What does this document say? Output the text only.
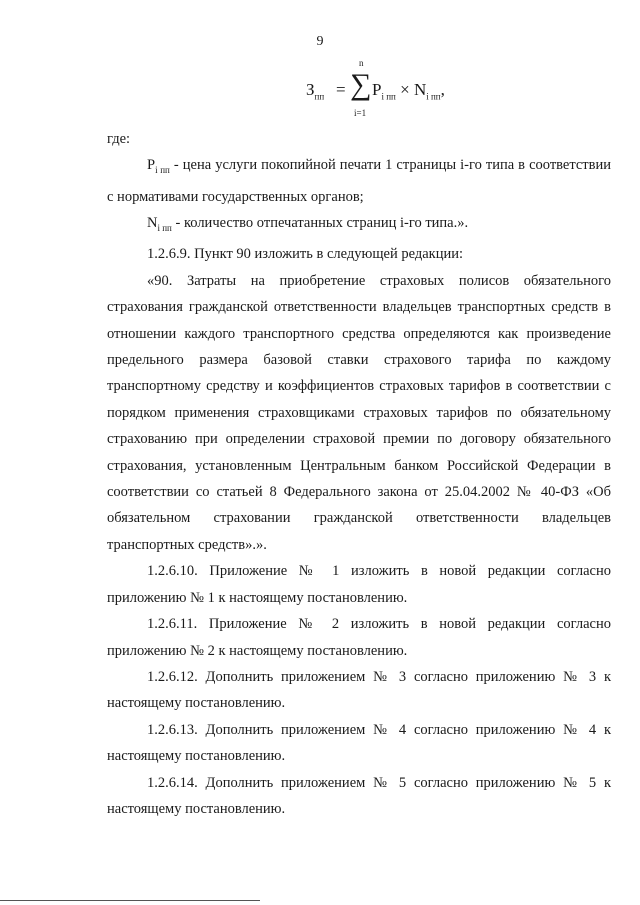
9
$З_{пп}$ =
n
∑
i=1
$P_{i пп} \times N_{i пп}$,

где:

$P_{i пп}$ - цена услуги покопийной печати 1 страницы i-го типа в соответствии с нормативами государственных органов;

$N_{i пп}$ - количество отпечатанных страниц i-го типа.».

1.2.6.9. Пункт 90 изложить в следующей редакции:

«90. Затраты на приобретение страховых полисов обязательного страхования гражданской ответственности владельцев транспортных средств в отношении каждого транспортного средства определяются как произведение предельного размера базовой ставки страхового тарифа по каждому транспортному средству и коэффициентов страховых тарифов в соответствии с порядком применения страховщиками страховых тарифов по обязательному страхованию при определении страховой премии по договору обязательного страхования, установленным Центральным банком Российской Федерации в соответствии со статьей 8 Федерального закона от 25.04.2002 № 40-ФЗ «Об обязательном страховании гражданской ответственности владельцев транспортных средств».».

1.2.6.10. Приложение № 1 изложить в новой редакции согласно приложению № 1 к настоящему постановлению.

1.2.6.11. Приложение № 2 изложить в новой редакции согласно приложению № 2 к настоящему постановлению.

1.2.6.12. Дополнить приложением № 3 согласно приложению № 3 к настоящему постановлению.

1.2.6.13. Дополнить приложением № 4 согласно приложению № 4 к настоящему постановлению.

1.2.6.14. Дополнить приложением № 5 согласно приложению № 5 к настоящему постановлению.
